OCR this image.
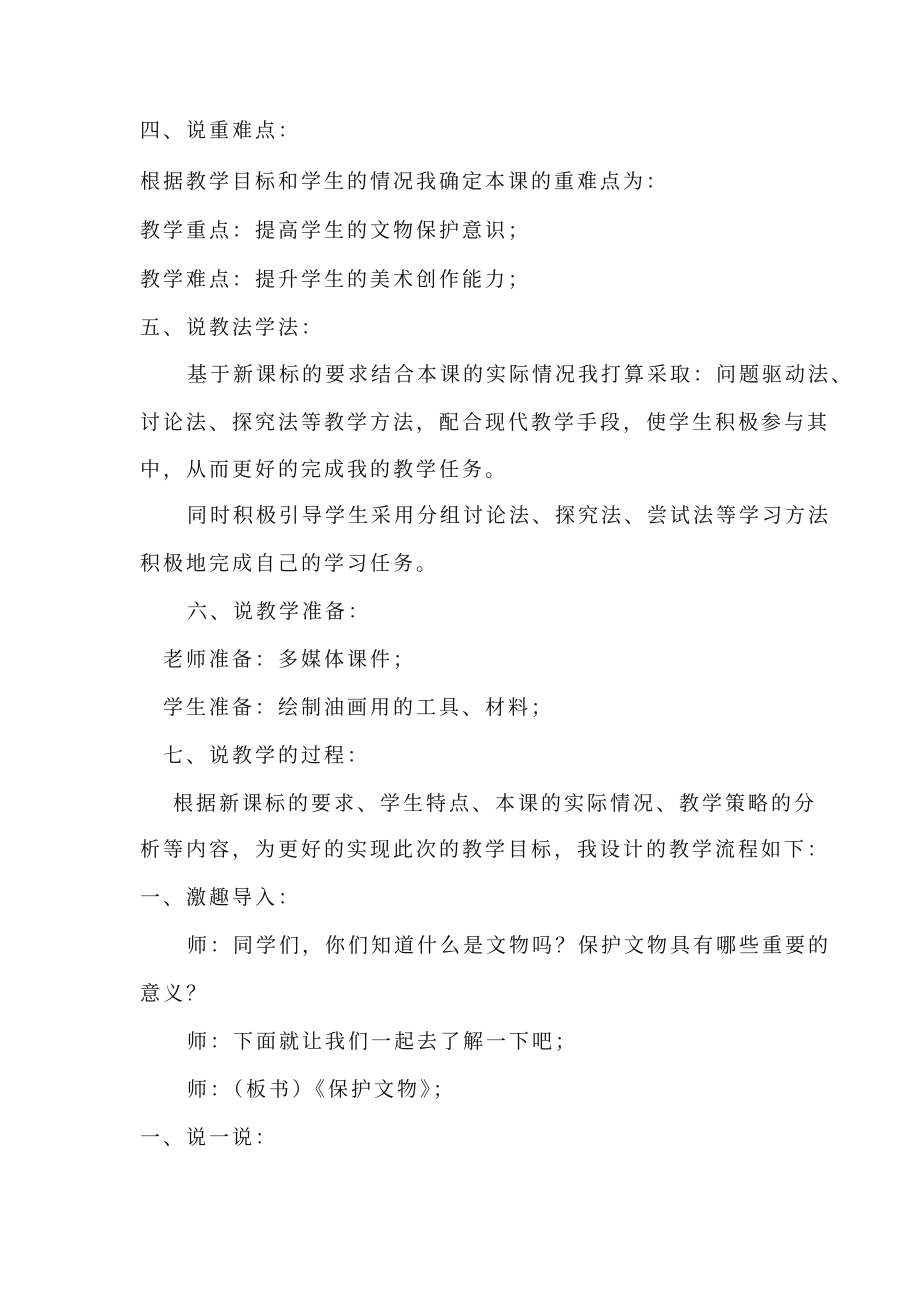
四、说重难点：
根据教学目标和学生的情况我确定本课的重难点为：
教学重点：提高学生的文物保护意识；
教学难点：提升学生的美术创作能力；
五、说教法学法：
基于新课标的要求结合本课的实际情况我打算采取：问题驱动法、
讨论法、探究法等教学方法，配合现代教学手段，使学生积极参与其
中，从而更好的完成我的教学任务。
同时积极引导学生采用分组讨论法、探究法、尝试法等学习方法
积极地完成自己的学习任务。
六、说教学准备：
老师准备：多媒体课件；
学生准备：绘制油画用的工具、材料；
七、说教学的过程：
根据新课标的要求、学生特点、本课的实际情况、教学策略的分
析等内容，为更好的实现此次的教学目标，我设计的教学流程如下：
一、激趣导入：
师：同学们，你们知道什么是文物吗？保护文物具有哪些重要的
意义？
师：下面就让我们一起去了解一下吧；
师：（板书）《保护文物》；
一、说一说：
